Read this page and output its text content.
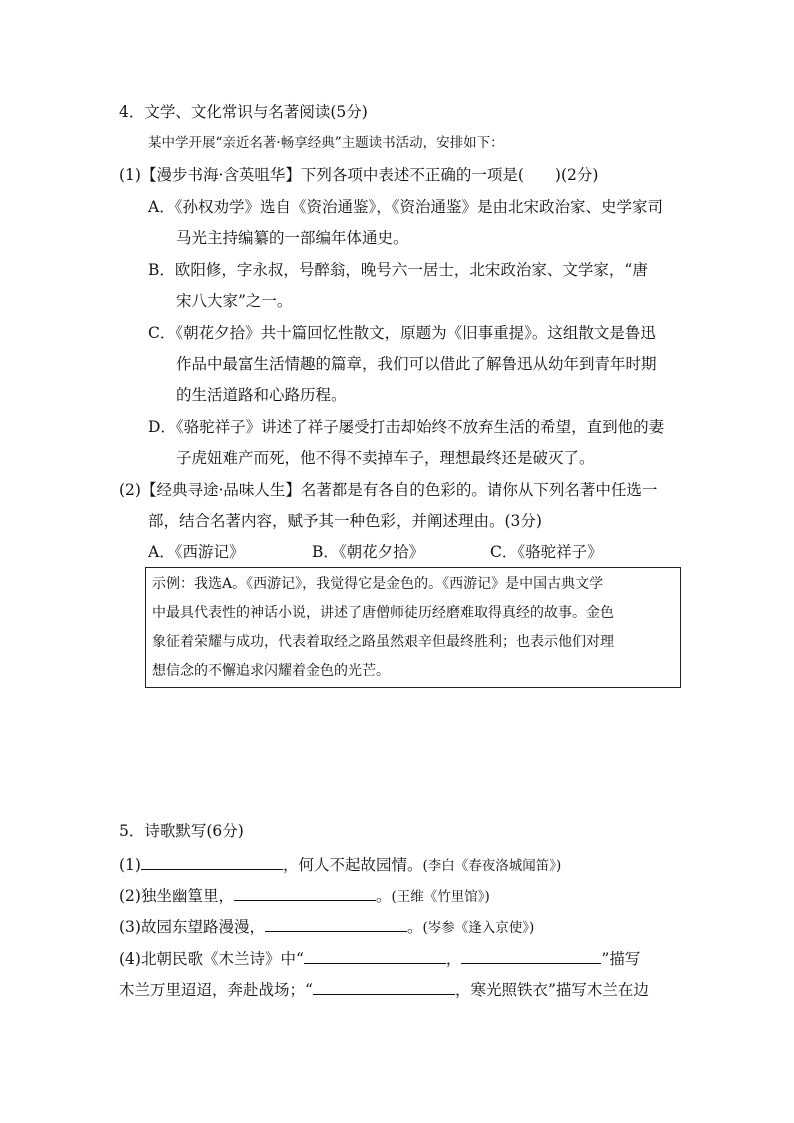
4．文学、文化常识与名著阅读(5分)
某中学开展“亲近名著·畅享经典”主题读书活动，安排如下：
(1)【漫步书海·含英咀华】下列各项中表述不正确的一项是(　　)(2分)
A．《孙权劝学》选自《资治通鉴》，《资治通鉴》是由北宋政治家、史学家司
马光主持编纂的一部编年体通史。
B．欧阳修，字永叔，号醉翁，晚号六一居士，北宋政治家、文学家，“唐
宋八大家”之一。
C．《朝花夕拾》共十篇回忆性散文，原题为《旧事重提》。这组散文是鲁迅
作品中最富生活情趣的篇章，我们可以借此了解鲁迅从幼年到青年时期
的生活道路和心路历程。
D．《骆驼祥子》讲述了祥子屡受打击却始终不放弃生活的希望，直到他的妻
子虎妞难产而死，他不得不卖掉车子，理想最终还是破灭了。
(2)【经典寻途·品味人生】名著都是有各自的色彩的。请你从下列名著中任选一
部，结合名著内容，赋予其一种色彩，并阐述理由。(3分)
A．《西游记》	B．《朝花夕拾》	C．《骆驼祥子》
示例：我选A。《西游记》，我觉得它是金色的。《西游记》是中国古典文学
中最具代表性的神话小说，讲述了唐僧师徒历经磨难取得真经的故事。金色
象征着荣耀与成功，代表着取经之路虽然艰辛但最终胜利；也表示他们对理
想信念的不懈追求闪耀着金色的光芒。
5．诗歌默写(6分)
(1)	，何人不起故园情。(李白《春夜洛城闻笛》)
(2)独坐幽篁里，	。(王维《竹里馆》)
(3)故园东望路漫漫，	。(岑参《逢入京使》)
(4)北朝民歌《木兰诗》中“	，	”描写
木兰万里迢迢，奔赴战场；“	，寒光照铁衣”描写木兰在边
